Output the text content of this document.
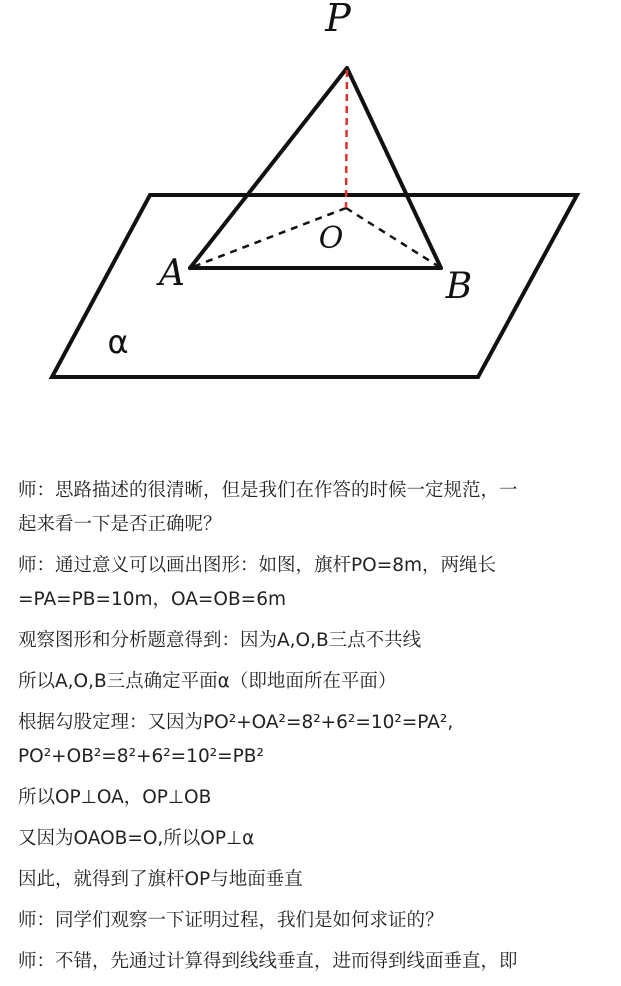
P
O
A	B
α
师：思路描述的很清晰，但是我们在作答的时候一定规范，一
起来看一下是否正确呢？
师：通过意义可以画出图形：如图，旗杆PO=8m，两绳长
=PA=PB=10m，OA=OB=6m
观察图形和分析题意得到：因为A,O,B三点不共线
所以A,O,B三点确定平面α（即地面所在平面）
根据勾股定理：又因为PO²+OA²=8²+6²=10²=PA²,
PO²+OB²=8²+6²=10²=PB²
所以OP⊥OA，OP⊥OB
又因为OAOB=O,所以OP⊥α
因此，就得到了旗杆OP与地面垂直
师：同学们观察一下证明过程，我们是如何求证的？
师：不错，先通过计算得到线线垂直，进而得到线面垂直，即
